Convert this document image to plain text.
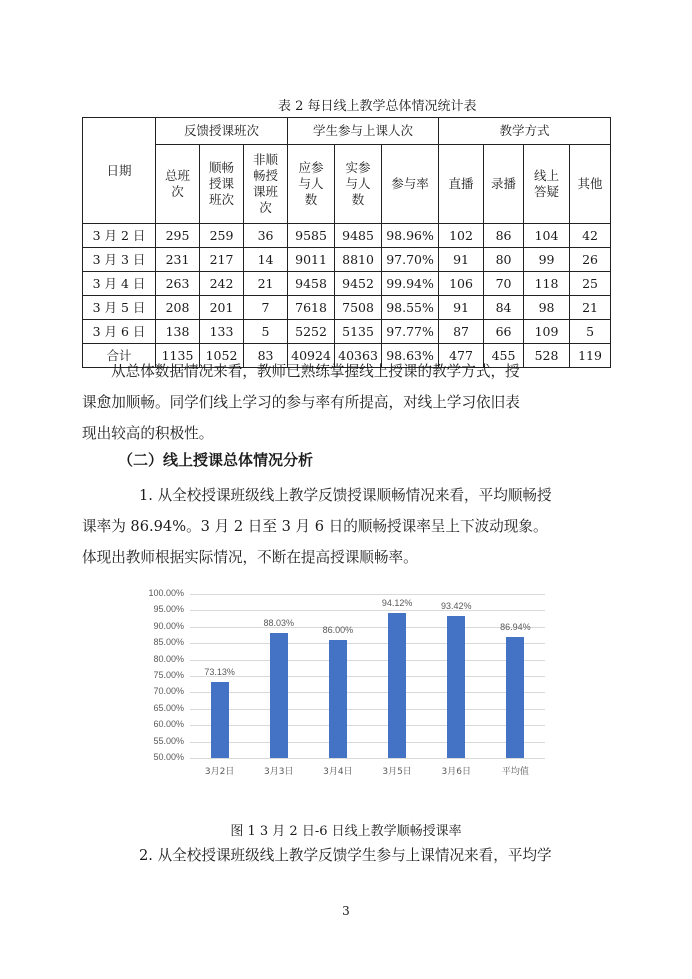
表 2 每日线上教学总体情况统计表
日期	反馈授课班次			学生参与上课人次			教学方式			

	总班次	顺畅授课班次	非顺畅授课班次	应参与人数	实参与人数	参与率	直播	录播	线上答疑	其他
3 月 2 日	295	259	36	9585	9485	98.96%	102	86	104	42
3 月 3 日	231	217	14	9011	8810	97.70%	91	80	99	26
3 月 4 日	263	242	21	9458	9452	99.94%	106	70	118	25
3 月 5 日	208	201	7	7618	7508	98.55%	91	84	98	21
3 月 6 日	138	133	5	5252	5135	97.77%	87	66	109	5
合计	1135	1052	83	40924	40363	98.63%	477	455	528	119

从总体数据情况来看，教师已熟练掌握线上授课的教学方式，授

课愈加顺畅。同学们线上学习的参与率有所提高，对线上学习依旧表

现出较高的积极性。

（二）线上授课总体情况分析

1. 从全校授课班级线上教学反馈授课顺畅情况来看，平均顺畅授

课率为 86.94%。3 月 2 日至 3 月 6 日的顺畅授课率呈上下波动现象。

体现出教师根据实际情况，不断在提高授课顺畅率。

100.00%
95.00%
90.00%
85.00%
80.00%
75.00%
70.00%
65.00%
60.00%
55.00%
50.00%
73.13%
3月2日
88.03%
3月3日
86.00%
3月4日
94.12%
3月5日
93.42%
3月6日
86.94%
平均值
图 1 3 月 2 日-6 日线上教学顺畅授课率

2. 从全校授课班级线上教学反馈学生参与上课情况来看，平均学

3
